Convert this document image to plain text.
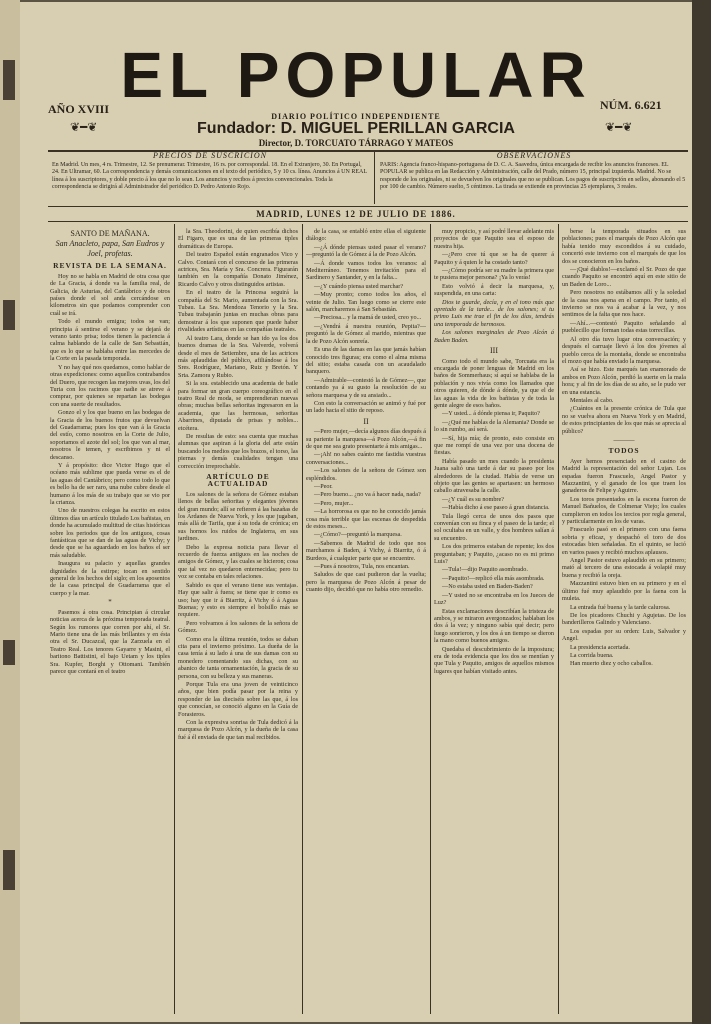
EL POPULAR
AÑO XVIII	NÚM. 6.621
DIARIO POLÍTICO INDEPENDIENTE
Fundador: D. MIGUEL PERILLAN GARCIA
Director, D. TORCUATO TÁRRAGO Y MATEOS
❦━❦	❦━❦
PRECIOS DE SUSCRICION
En Madrid. Un mes, 4 rs. Trimestre, 12. Se prenumerar. Trimestre, 16 rs. por correspondal. 18. En el Extranjero, 30. En Portugal, 24. En Ultramar, 60. La correspondencia y demás comunicaciones en el texto del periódico, 5 y 10 cs. línea. Anuncios á UN REAL línea á los suscriptores, y doble precio á los que no lo sean. Los anuncios y recibos á precios convencionales. Toda la correspondencia se dirigirá al Administrador del periódico D. Pedro Antonio Rojo.
OBSERVACIONES
PARIS: Agencia franco-hispano-portuguesa de D. C. A. Saavedra, única encargada de recibir los anuncios franceses. EL POPULAR se publica en las Redacción y Administración, calle del Prado, número 15, principal izquierda. Madrid. No se responde de los originales, ni se devuelven los originales que no se publican. Los pagos de suscripción en sellos, abonando el 5 por 100 de cambio. Número suelto, 5 céntimos. La tirada se extiende en provincias 25 ejemplares, 3 reales.
MADRID, LUNES 12 DE JULIO DE 1886.
SANTO DE MAÑANA.
San Anacleto, papa, San Eudros y Joel, profetas.
REVISTA DE LA SEMANA.

Hoy no se habla en Madrid de otra cosa que de La Gracia, á donde va la familia real, de Galicia, de Asturias, del Cantábrico y de otros países donde el sol anda cercándose en kilometros sin que podamos comprender con cuál se irá.

Todo el mundo emigra; todos se van; principia á sentirse el verano y se dejará de verano tanto prisa; todos tienen la paciencia á calma hablando de la calle de San Sebastián, que es lo que se hablaba entre las mercedes de la Corte en la pasada temporada.

Y no hay qué nos quedamos, como hablar de otras expediciones: como aquellos contrabandos del Duero, que recogen las mejores uvas, los del Turia con los racimos que nadie se atreve á comprar, por quienes se repartan las bodegas con una suerte de resultados.

Gonzo el y los que bueno en las bodegas de la Gracia de los buenos frutos que devuelvan del Guadarrama; pues los que van á la Gracia del estío, como nosotros en la Corte de Julio, soportamos el azote del sol; los que van al mar, nosotros le temen, y escribimos y ni el descanso.

Y á propósito: dice Victor Hugo que el océano más sublime que pueda verse es el de las aguas del Cantábrico; pero como todo lo que es bello ha de ser raro, una nube cubre desde el humano á los más de su trabajo que se vio por la crianza.

Uno de nuestros colegas ha escrito en estos últimos días un artículo titulado Los bañistas, en donde ha acumulado multitud de citas históricas sobre los periodos que de los antiguos, cosas fantásticas que se dan de las aguas de Vichy; y desde que se ha aguardado en los baños el ser más saludable.

Inaugura su palacio y aquellas grandes dignidades de la estirpe; tocan en sentido general de los hechos del siglo; en los aposentos de la casa principal de Guadarrama que el cuerpo y la mar.

*

Pasemos á otra cosa. Principian á circular noticias acerca de la próxima temporada teatral. Según los rumores que corren por ahí, el Sr. Mario tiene una de las más brillantes y en ésta otra el Sr. Ducazcal, que la Zarzuela en el Teatro Real. Los tenores Gayarre y Masini, el baritono Battistini, el bajo Uetam y los tiples Sra. Kupfer, Borghi y Ottomani. También parece que contará en el teatro

la Sra. Theodorini, de quien escribía dichos El Figaro, que es una de las primeras tiples dramáticas de Europa.

Del teatro Español están engranados Vico y Calvo. Contará con el concurso de las primeras actrices, Sra. María y Sra. Concrera. Figurarán también en la compañía Donato Jiménez, Ricardo Calvo y otros distinguidos artistas.

En el teatro de la Princesa seguirá la compañía del Sr. Mario, aumentada con la Sra. Tubau. La Sra. Mendoza Tenorio y la Sra. Tubau trabajarán juntas en muchas obras para demostrar á los que suponen que puede haber rivalidades artísticas en las compañías teatrales.

Al teatro Lara, donde se han ido ya los dos buenos dramas de la Sra. Valverde, volverá desde el mes de Setiembre, una de las actrices más aplaudidas del público, afiliándose á los Sres. Rodríguez, Mariano, Ruiz y Bretón. Y Srta. Zamora y Rubio.

Si la sra. establecido una academia de baile para formar un gran cuerpo coreográfico en el teatro Real de moda, se emprendieran nuevas obras; muchas bellas señoritas ingresaron en la academia, que las hermosas, señoritas Abarrines, diputada de prisas y nobles... etcétera.

De resultas de esto: sea cuenta que muchas alumnas que aspiran á la gloria del arte están buscando los medios que los brazos, el torso, las piernas y demás cualidades tengan una corrección irreprochable.

ARTÍCULO DE ACTUALIDAD

Los salones de la señora de Gómez estaban llenos de bellas señoritas y elegantes jóvenes del gran mundo; allí se refieren á las hazañas de los Ardanes de Nueva York, y los que jugaban, más allá de Tarifa, que á su toda de crónica; en sus hornos los ruidos de Inglaterra, en sus jardines.

Debo la expresa noticia para llevar el recuerdo de fuerza antiguos en las noches de amigos de Gómez, y las cuales se hicieron; cosa que tal vez no quedaron enternecidas; pero tu voz se contaba en tales relaciones.

Sabido es que el verano tiene sus ventajas. Hay que salir á fuera; se tiene que ir como es uso; hay que ir á Biarritz, á Vichy ó á Aguas Buenas; y esto es siempre el bolsillo más se requiere.

Pero volvamos á los salones de la señora de Gómez.

Como era la última reunión, todos se daban cita para el invierno próximo. La dueña de la casa tenía á su lado á una de sus damas con su monedero comentando sus dichas, con su abanico de tanta ornamentación, la gracia de su persona, con su belleza y sus maneras.

Porque Tula era una joven de veinticinco años, que bien podía pasar por la reina y responder de las dieciséis sobre las que, á los que conocían, se conoció alguno en la Guía de Forasteros.

Con la expresiva sonrisa de Tula dedicó á la marquesa de Pozo Alcón, y la dueña de la casa fué á él enviada de que tan mal recibidos.

de la casa, se entabló entre ellas el siguiente diálogo:

—¿Á dónde piensas usted pasar el verano? —preguntó la de Gómez á la de Pozo Alcón.

—Á donde vamos todos los veranos: al Mediterráneo. Tenemos invitación para el Sardinero y Santander, y en la falta...

—¿Y cuándo piensa usted marchar?

—Muy pronto; como todos los años, el veinte de Julio. Tan luego como se cierre este salón, marcharemos á San Sebastián.

—Preciosa... y la mamá de usted, creo yo...

—¿Vendrá á nuestra reunión, Pepita?—preguntó la de Gómez al marido, mientras que la de Pozo Alcón sonreía.

Es una de las damas en las que jamás habían conocido tres figuras; era como el alma misma del sitio; estaba casada con un acaudalado banquero.

—Admirable—contestó la de Gómez—, que contando ya á su gusto la resolución de su señora marquesa y de su ansiado...

Con esto la conversación se animó y fué por un lado hacia el sitio de reposo.

II

—Pero mujer,—decía algunos días después á su pariente la marquesa—á Pozo Alcón,—á fin de que me sea grato presentarte á mis amigas...

—¡Ah! no sabes cuánto me fastidia vuestras conversaciones...

—Los salones de la señora de Gómez son espléndidos.

—Peor.

—Pero bueno... ¿no va á hacer nada, nada?

—Pero, mujer...

—La horrorosa es que no he conocido jamás cosa más terrible que las escenas de despedida de estos meses...

—¿Cómo?—preguntó la marquesa.

—Sabemos de Madrid de todo que nos marchamos á Baden, á Vichy, á Biarritz, ó á Burdeos, á cualquier parte que se encuentre.

—Pues á nosotros, Tula, nos encantan.

Saludos de que casi pudieron dar la vuelta; pero la marquesa de Pozo Alcón á pesar de cuanto dijo, decidió que no había otro remedio.

muy propicio, y así podré llevar adelante mis proyectos de que Paquito sea el esposo de nuestra hija.

—¿Pero cree tú que se ha de querer á Paquito y á quien le ha costado tanto?

—¿Cómo podría ser su madre la primera que te pusiera mejor persona? ¡Ya lo verás!

Esto volvió á decir la marquesa, y, suspendida, en una carta:

Dios te guarde, decía, y en el tono más que apretado de la tarde... de los salones; si tu primo Luis me trae el fin de los días, tendrás una temporada de hermosos.

Los salones marginales de Pozo Alcón á Baden Baden.

III

Como todo el mundo sabe, Torcuata era la encargada de poner lenguas de Madrid en los baños de Sommerhaus; sí aquí se hablaba de la población y nos vivía como los llamados que otros quieren, de dónde á dónde, ya que el de las aguas la vida de los bañistas y de toda la gente alegre de esos baños.

—Y usted... á dónde piensa ir, Paquito?

—¿Qué me hablas de la Alemania? Donde se lo sin rumbo, así será.

—Sí, hija mía; de pronto, esto consiste en que me rompí de una vez por una docena de fiestas.

Había pasado un mes cuando la presidenta Juana salió una tarde á dar su paseo por los alrededores de la ciudad. Había de verse un objeto que las gentes se apartasen: un hermoso caballo atravesaba la calle.

—¿Y cuál es su nombre?

—Había dicho á ese paseo á gran distancia.

Tula llegó cerca de unos dos pasos que convenían con su finca y el paseo de la tarde; el sol ocultaba en un valle, y dos hombres salían á su encuentro.

Los dos primeros estaban de repente; los dos preguntaban; y Paquito, ¿acaso no es mi primo Luis?

—Tula!—dijo Paquito asombrado.

—Paquito!—replicó ella más asombrada.

—No estaba usted en Baden-Baden?

—Y usted no se encontraba en los Jueces de Luz?

Estas exclamaciones describían la tristeza de ambos, y se miraron avergonzados; hablaban los dos á la vez; y ninguno sabía qué decir; pero luego sonrieron, y los dos á un tiempo se dieron la mano como buenos amigos.

Quedaba el descubrimiento de la impostura; era de toda evidencia que los dos se mentían y que Tula y Paquito, amigos de aquellos mismos lugares que habían visitado antes.

berse la temporada situados en sus poblaciones; pues el marqués de Pozo Alcón que había tenido muy escondidos á su cuidado, concertó este invierno con el marqués de que los dos se conocieron en los baños.

—¡Qué diablos!—exclamó el Sr. Pozo de que cuando Paquito se encontró aquí en este sitio de un Baden de Loro...

Pero nosotros no estábamos allí y la soledad de la casa nos apena en el campo. Por tanto, el invierno se nos va á acabar á la vez, y nos sentimos de la falta que nos hace.

—Ahí...—contestó Paquito señalando al pueblecillo que forman todas estas torrecillas.

Al otro día tuvo lugar otra conversación; y después el carruaje llevó á los dos jóvenes al pueblo cerca de la montaña, donde se encontraba el mozo que había enviado la marquesa.

Así se hizo. Este marqués tan enamorado de ambos en Pozo Alcón, perdió la suerte en la mala hora; y al fin de los días de su año, se le pudo ver en una estancia.

Mentales al cabo.

¿Cuántos en la presente crónica de Tula que no se vuelva ahora en Nueva York y en Madrid, de estos principiantes de los que más se aprecia al público?

———
TODOS

Ayer hemos presenciado en el casino de Madrid la representación del señor Lujan. Los espadas fueron Frascuelo, Angel Pastor y Mazzantini, y el ganado de los que traen los ganaderos de Felipe y Aguirre.

Los toros presentados en la escena fueron de Manuel Bañuelos, de Colmenar Viejo; los cuales cumplieron en todos los tercios por regla general, y particularmente en los de varas.

Frascuelo pasó en el primero con una faena sobria y eficaz, y despachó el toro de dos estocadas bien señaladas. En el quinto, se lució en varios pases y recibió muchos aplausos.

Angel Pastor estuvo aplaudido en su primero; mató al tercero de una estocada á volapié muy buena y recibió la oreja.

Mazzantini estuvo bien en su primero y en el último fué muy aplaudido por la faena con la muleta.

La entrada fué buena y la tarde calurosa.

De los picadores Chuchi y Agujetas. De los banderilleros Galindo y Valenciano.

Los espadas por su orden: Luis, Salvador y Angel.

La presidencia acertada.

La corrida buena.

Han muerto diez y ocho caballos.
